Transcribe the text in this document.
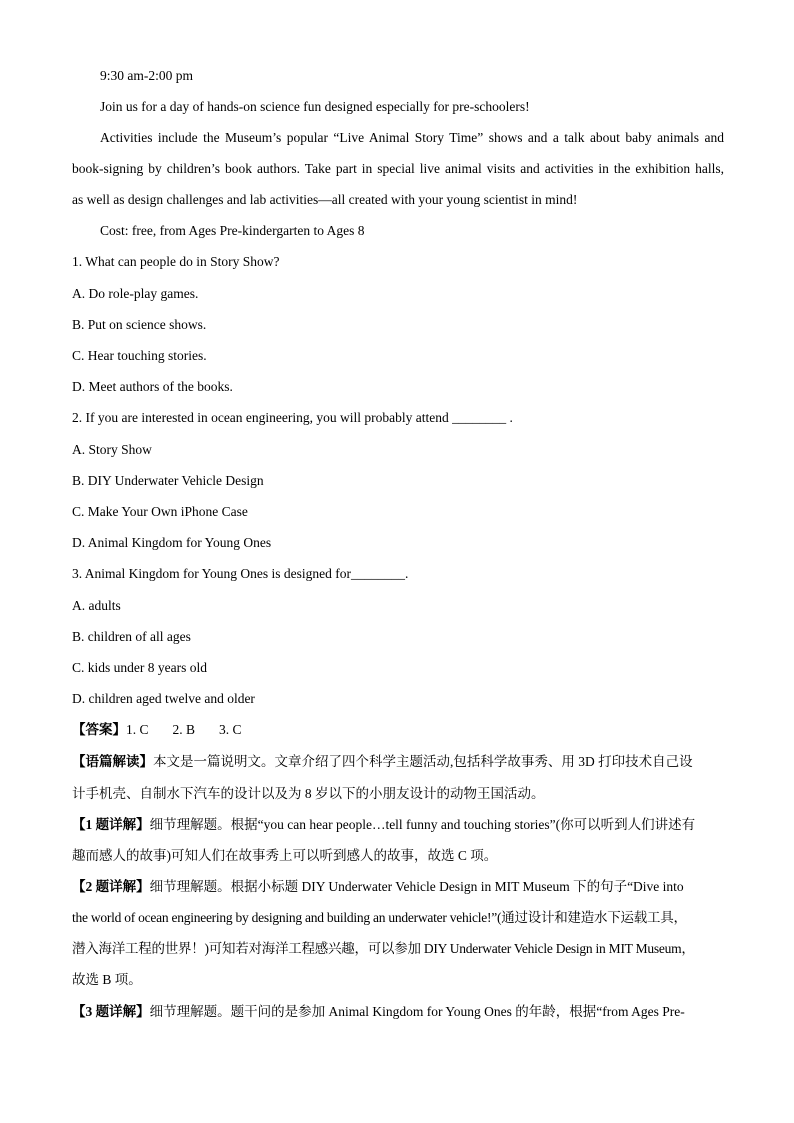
9:30 am-2:00 pm
Join us for a day of hands-on science fun designed especially for pre-schoolers!
Activities include the Museum’s popular “Live Animal Story Time” shows and a talk about baby animals and
book-signing by children’s book authors. Take part in special live animal visits and activities in the exhibition halls,
as well as design challenges and lab activities—all created with your young scientist in mind!
Cost: free, from Ages Pre-kindergarten to Ages 8
1. What can people do in Story Show?
A. Do role-play games.
B. Put on science shows.
C. Hear touching stories.
D. Meet authors of the books.
2. If you are interested in ocean engineering, you will probably attend ________ .
A. Story Show
B. DIY Underwater Vehicle Design
C. Make Your Own iPhone Case
D. Animal Kingdom for Young Ones
3. Animal Kingdom for Young Ones is designed for________.
A. adults
B. children of all ages
C. kids under 8 years old
D. children aged twelve and older
【答案】1. C 2. B 3. C
【语篇解读】本文是一篇说明文。文章介绍了四个科学主题活动,包括科学故事秀、用 3D 打印技术自己设
计手机壳、自制水下汽车的设计以及为 8 岁以下的小朋友设计的动物王国活动。
【1 题详解】细节理解题。根据“you can hear people…tell funny and touching stories”(你可以听到人们讲述有
趣而感人的故事)可知人们在故事秀上可以听到感人的故事，故选 C 项。
【2 题详解】细节理解题。根据小标题 DIY Underwater Vehicle Design in MIT Museum 下的句子“Dive into
the world of ocean engineering by designing and building an underwater vehicle!”(通过设计和建造水下运载工具，
潜入海洋工程的世界！)可知若对海洋工程感兴趣，可以参加 DIY Underwater Vehicle Design in MIT Museum，
故选 B 项。
【3 题详解】细节理解题。题干问的是参加 Animal Kingdom for Young Ones 的年龄，根据“from Ages Pre-
